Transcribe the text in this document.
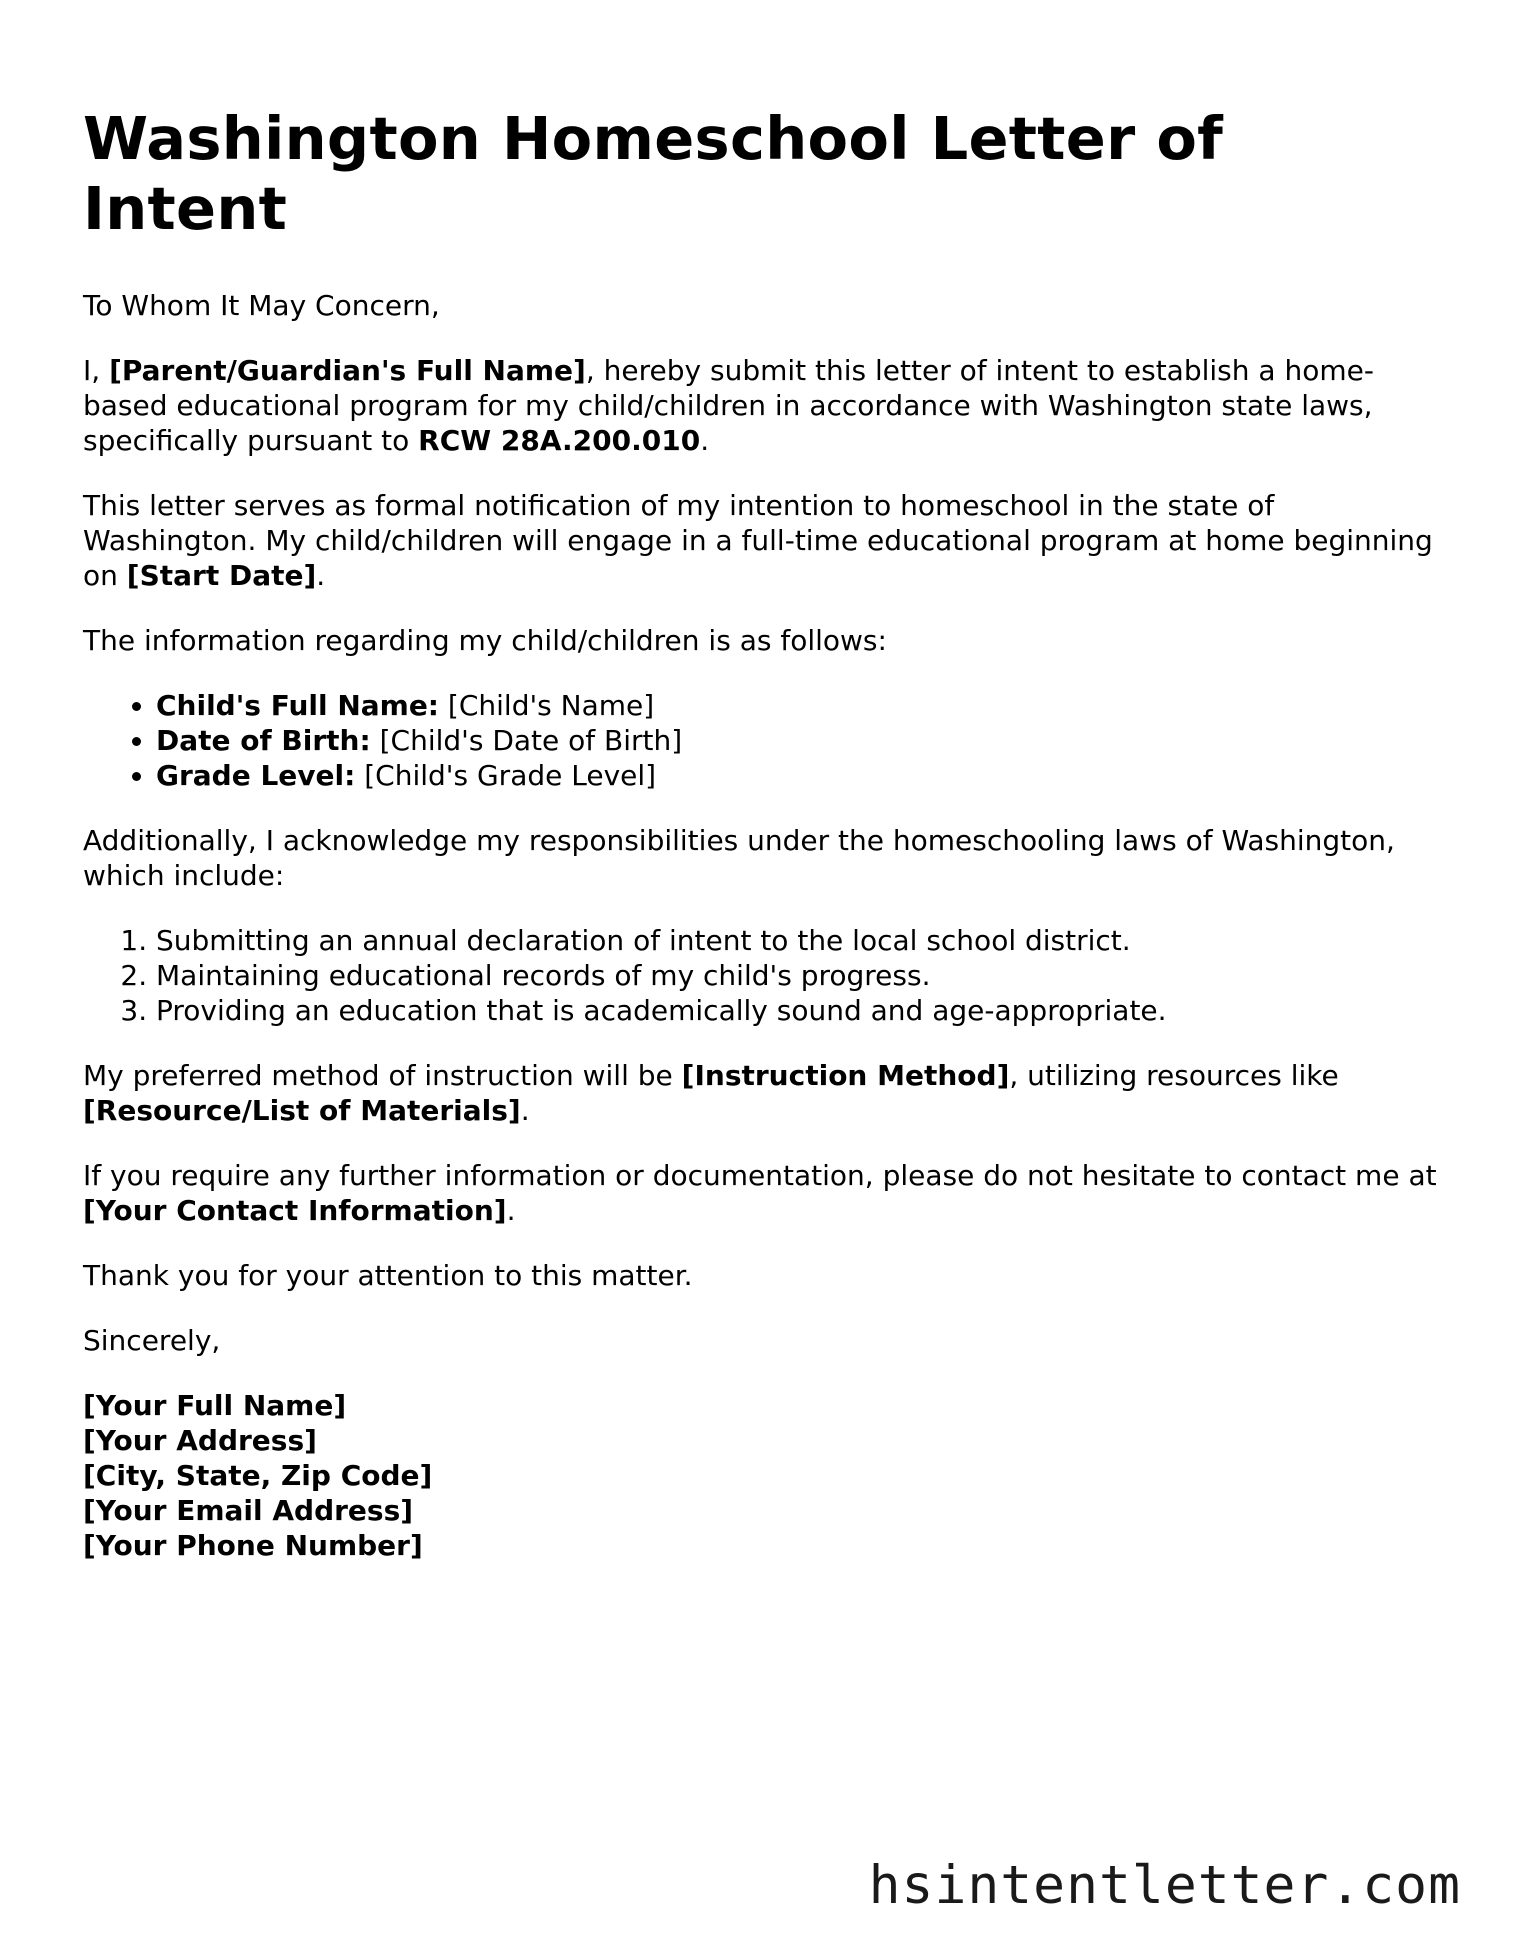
Washington Homeschool Letter of Intent

To Whom It May Concern,

I, [Parent/Guardian's Full Name], hereby submit this letter of intent to establish a home-based educational program for my child/children in accordance with Washington state laws, specifically pursuant to RCW 28A.200.010.

This letter serves as formal notification of my intention to homeschool in the state of Washington. My child/children will engage in a full-time educational program at home beginning on [Start Date].

The information regarding my child/children is as follows:

• Child's Full Name: [Child's Name]
• Date of Birth: [Child's Date of Birth]
• Grade Level: [Child's Grade Level]

Additionally, I acknowledge my responsibilities under the homeschooling laws of Washington, which include:

1. Submitting an annual declaration of intent to the local school district.
2. Maintaining educational records of my child's progress.
3. Providing an education that is academically sound and age-appropriate.

My preferred method of instruction will be [Instruction Method], utilizing resources like [Resource/List of Materials].

If you require any further information or documentation, please do not hesitate to contact me at [Your Contact Information].

Thank you for your attention to this matter.

Sincerely,

[Your Full Name]
[Your Address]
[City, State, Zip Code]
[Your Email Address]
[Your Phone Number]
hsintentletter.com
